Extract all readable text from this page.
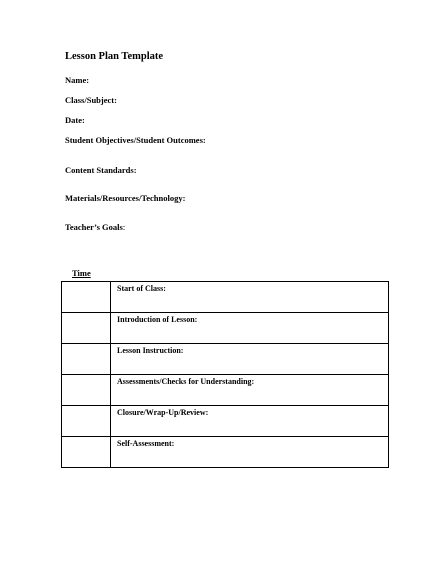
Lesson Plan Template
Name:
Class/Subject:
Date:
Student Objectives/Student Outcomes:
Content Standards:
Materials/Resources/Technology:
Teacher’s Goals:
Time
	Start of Class:
	Introduction of Lesson:
	Lesson Instruction:
	Assessments/Checks for Understanding:
	Closure/Wrap-Up/Review:
	Self-Assessment:
